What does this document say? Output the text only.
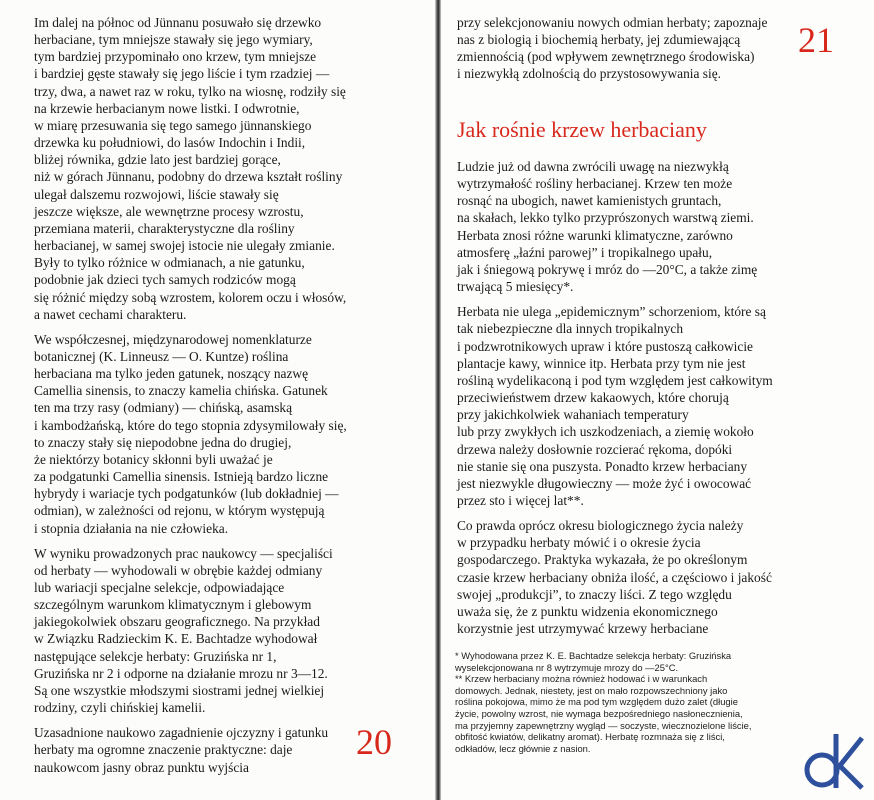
Im dalej na północ od Jünnanu posuwało się drzewko
herbaciane, tym mniejsze stawały się jego wymiary,
tym bardziej przypominało ono krzew, tym mniejsze
i bardziej gęste stawały się jego liście i tym rzadziej —
trzy, dwa, a nawet raz w roku, tylko na wiosnę, rodziły się
na krzewie herbacianym nowe listki. I odwrotnie,
w miarę przesuwania się tego samego jünnanskiego
drzewka ku południowi, do lasów Indochin i Indii,
bliżej równika, gdzie lato jest bardziej gorące,
niż w górach Jünnanu, podobny do drzewa kształt rośliny
ulegał dalszemu rozwojowi, liście stawały się
jeszcze większe, ale wewnętrzne procesy wzrostu,
przemiana materii, charakterystyczne dla rośliny
herbacianej, w samej swojej istocie nie ulegały zmianie.
Były to tylko różnice w odmianach, a nie gatunku,
podobnie jak dzieci tych samych rodziców mogą
się różnić między sobą wzrostem, kolorem oczu i włosów,
a nawet cechami charakteru.
We współczesnej, międzynarodowej nomenklaturze
botanicznej (K. Linneusz — O. Kuntze) roślina
herbaciana ma tylko jeden gatunek, noszący nazwę
Camellia sinensis, to znaczy kamelia chińska. Gatunek
ten ma trzy rasy (odmiany) — chińską, asamską
i kambodżańską, które do tego stopnia zdysymilowały się,
to znaczy stały się niepodobne jedna do drugiej,
że niektórzy botanicy skłonni byli uważać je
za podgatunki Camellia sinensis. Istnieją bardzo liczne
hybrydy i wariacje tych podgatunków (lub dokładniej —
odmian), w zależności od rejonu, w którym występują
i stopnia działania na nie człowieka.
W wyniku prowadzonych prac naukowcy — specjaliści
od herbaty — wyhodowali w obrębie każdej odmiany
lub wariacji specjalne selekcje, odpowiadające
szczególnym warunkom klimatycznym i glebowym
jakiegokolwiek obszaru geograficznego. Na przykład
w Związku Radzieckim K. E. Bachtadze wyhodował
następujące selekcje herbaty: Gruzińska nr 1,
Gruzińska nr 2 i odporne na działanie mrozu nr 3—12.
Są one wszystkie młodszymi siostrami jednej wielkiej
rodziny, czyli chińskiej kamelii.
Uzasadnione naukowo zagadnienie ojczyzny i gatunku
herbaty ma ogromne znaczenie praktyczne: daje
naukowcom jasny obraz punktu wyjścia
20
przy selekcjonowaniu nowych odmian herbaty; zapoznaje
nas z biologią i biochemią herbaty, jej zdumiewającą
zmiennością (pod wpływem zewnętrznego środowiska)
i niezwykłą zdolnością do przystosowywania się.
21
Jak rośnie krzew herbaciany
Ludzie już od dawna zwrócili uwagę na niezwykłą
wytrzymałość rośliny herbacianej. Krzew ten może
rosnąć na ubogich, nawet kamienistych gruntach,
na skałach, lekko tylko przyprószonych warstwą ziemi.
Herbata znosi różne warunki klimatyczne, zarówno
atmosferę „łaźni parowej” i tropikalnego upału,
jak i śniegową pokrywę i mróz do —20°C, a także zimę
trwającą 5 miesięcy*.
Herbata nie ulega „epidemicznym” schorzeniom, które są
tak niebezpieczne dla innych tropikalnych
i podzwrotnikowych upraw i które pustoszą całkowicie
plantacje kawy, winnice itp. Herbata przy tym nie jest
rośliną wydelikaconą i pod tym względem jest całkowitym
przeciwieństwem drzew kakaowych, które chorują
przy jakichkolwiek wahaniach temperatury
lub przy zwykłych ich uszkodzeniach, a ziemię wokoło
drzewa należy dosłownie rozcierać rękoma, dopóki
nie stanie się ona puszysta. Ponadto krzew herbaciany
jest niezwykle długowieczny — może żyć i owocować
przez sto i więcej lat**.
Co prawda oprócz okresu biologicznego życia należy
w przypadku herbaty mówić i o okresie życia
gospodarczego. Praktyka wykazała, że po określonym
czasie krzew herbaciany obniża ilość, a częściowo i jakość
swojej „produkcji”, to znaczy liści. Z tego względu
uważa się, że z punktu widzenia ekonomicznego
korzystnie jest utrzymywać krzewy herbaciane
* Wyhodowana przez K. E. Bachtadze selekcja herbaty: Gruzińska
wyselekcjonowana nr 8 wytrzymuje mrozy do —25°C.
** Krzew herbaciany można również hodować i w warunkach
domowych. Jednak, niestety, jest on mało rozpowszechniony jako
roślina pokojowa, mimo że ma pod tym względem dużo zalet (długie
życie, powolny wzrost, nie wymaga bezpośredniego nasłonecznienia,
ma przyjemny zapewnętrzny wygląd — soczyste, wiecznozielone liście,
obfitość kwiatów, delikatny aromat). Herbatę rozmnaża się z liści,
odkładów, lecz głównie z nasion.
